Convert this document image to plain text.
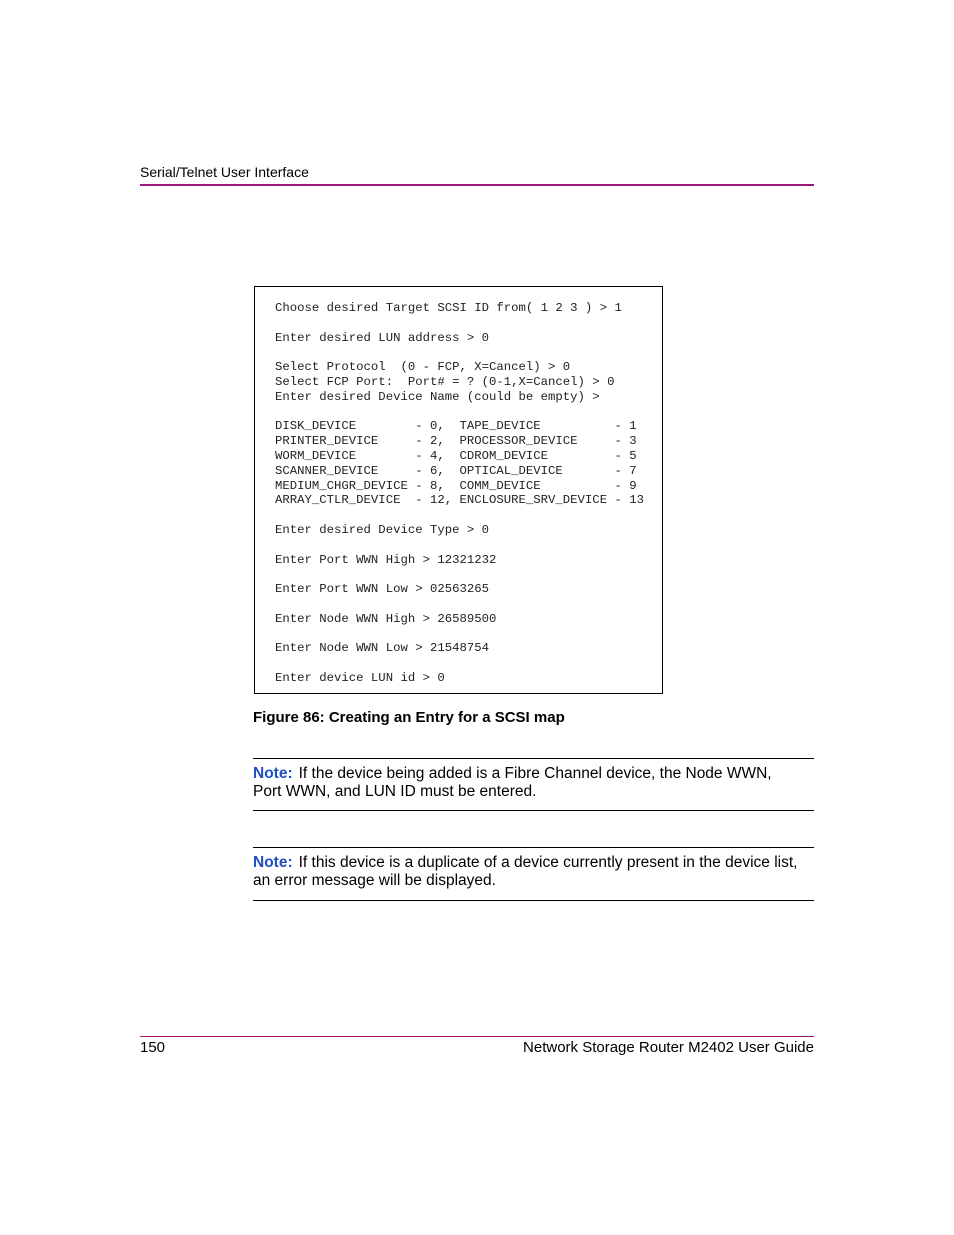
Serial/Telnet User Interface
Choose desired Target SCSI ID from( 1 2 3 ) > 1
Enter desired LUN address > 0
Select Protocol  (0 - FCP, X=Cancel) > 0
Select FCP Port:  Port# = ? (0-1,X=Cancel) > 0
Enter desired Device Name (could be empty) >
DISK_DEVICE        - 0,  TAPE_DEVICE          - 1
PRINTER_DEVICE     - 2,  PROCESSOR_DEVICE     - 3
WORM_DEVICE        - 4,  CDROM_DEVICE         - 5
SCANNER_DEVICE     - 6,  OPTICAL_DEVICE       - 7
MEDIUM_CHGR_DEVICE - 8,  COMM_DEVICE          - 9
ARRAY_CTLR_DEVICE  - 12, ENCLOSURE_SRV_DEVICE - 13
Enter desired Device Type > 0
Enter Port WWN High > 12321232
Enter Port WWN Low > 02563265
Enter Node WWN High > 26589500
Enter Node WWN Low > 21548754
Enter device LUN id > 0
Figure 86: Creating an Entry for a SCSI map
Note: If the device being added is a Fibre Channel device, the Node WWN, Port WWN, and LUN ID must be entered.
Note: If this device is a duplicate of a device currently present in the device list, an error message will be displayed.
150	Network Storage Router M2402 User Guide
